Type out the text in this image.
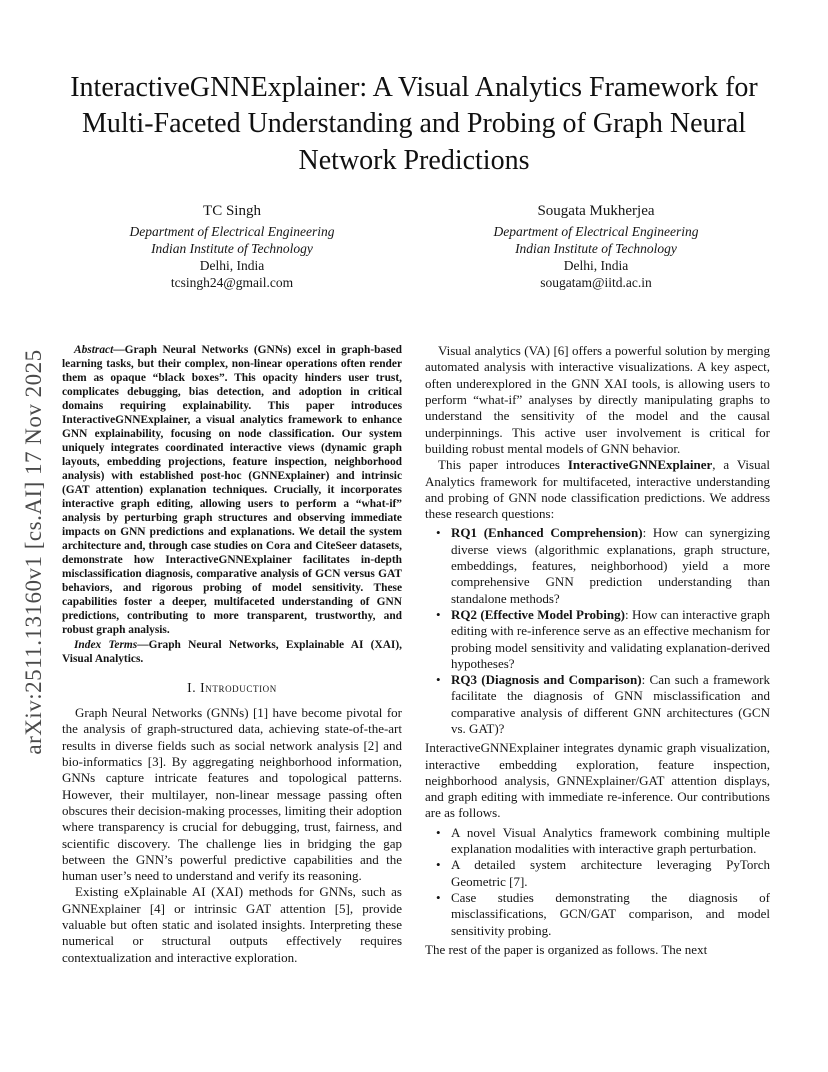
arXiv:2511.13160v1 [cs.AI] 17 Nov 2025
InteractiveGNNExplainer: A Visual Analytics Framework for Multi-Faceted Understanding and Probing of Graph Neural Network Predictions
TC Singh
Department of Electrical Engineering
Indian Institute of Technology
Delhi, India
tcsingh24@gmail.com
Sougata Mukherjea
Department of Electrical Engineering
Indian Institute of Technology
Delhi, India
sougatam@iitd.ac.in

Abstract—Graph Neural Networks (GNNs) excel in graph-based learning tasks, but their complex, non-linear operations often render them as opaque “black boxes”. This opacity hinders user trust, complicates debugging, bias detection, and adoption in critical domains requiring explainability. This paper introduces InteractiveGNNExplainer, a visual analytics framework to enhance GNN explainability, focusing on node classification. Our system uniquely integrates coordinated interactive views (dynamic graph layouts, embedding projections, feature inspection, neighborhood analysis) with established post-hoc (GNNExplainer) and intrinsic (GAT attention) explanation techniques. Crucially, it incorporates interactive graph editing, allowing users to perform a “what-if” analysis by perturbing graph structures and observing immediate impacts on GNN predictions and explanations. We detail the system architecture and, through case studies on Cora and CiteSeer datasets, demonstrate how InteractiveGNNExplainer facilitates in-depth misclassification diagnosis, comparative analysis of GCN versus GAT behaviors, and rigorous probing of model sensitivity. These capabilities foster a deeper, multifaceted understanding of GNN predictions, contributing to more transparent, trustworthy, and robust graph analysis.

Index Terms—Graph Neural Networks, Explainable AI (XAI), Visual Analytics.

I. Introduction

Graph Neural Networks (GNNs) [1] have become pivotal for the analysis of graph-structured data, achieving state-of-the-art results in diverse fields such as social network analysis [2] and bio-informatics [3]. By aggregating neighborhood information, GNNs capture intricate features and topological patterns. However, their multilayer, non-linear message passing often obscures their decision-making processes, limiting their adoption where transparency is crucial for debugging, trust, fairness, and scientific discovery. The challenge lies in bridging the gap between the GNN’s powerful predictive capabilities and the human user’s need to understand and verify its reasoning.

Existing eXplainable AI (XAI) methods for GNNs, such as GNNExplainer [4] or intrinsic GAT attention [5], provide valuable but often static and isolated insights. Interpreting these numerical or structural outputs effectively requires contextualization and interactive exploration.

Visual analytics (VA) [6] offers a powerful solution by merging automated analysis with interactive visualizations. A key aspect, often underexplored in the GNN XAI tools, is allowing users to perform “what-if” analyses by directly manipulating graphs to understand the sensitivity of the model and the causal underpinnings. This active user involvement is critical for building robust mental models of GNN behavior.

This paper introduces InteractiveGNNExplainer, a Visual Analytics framework for multifaceted, interactive understanding and probing of GNN node classification predictions. We address these research questions:

• RQ1 (Enhanced Comprehension): How can synergizing diverse views (algorithmic explanations, graph structure, embeddings, features, neighborhood) yield a more comprehensive GNN prediction understanding than standalone methods?
• RQ2 (Effective Model Probing): How can interactive graph editing with re-inference serve as an effective mechanism for probing model sensitivity and validating explanation-derived hypotheses?
• RQ3 (Diagnosis and Comparison): Can such a framework facilitate the diagnosis of GNN misclassification and comparative analysis of different GNN architectures (GCN vs. GAT)?

InteractiveGNNExplainer integrates dynamic graph visualization, interactive embedding exploration, feature inspection, neighborhood analysis, GNNExplainer/GAT attention displays, and graph editing with immediate re-inference. Our contributions are as follows.

• A novel Visual Analytics framework combining multiple explanation modalities with interactive graph perturbation.
• A detailed system architecture leveraging PyTorch Geometric [7].
• Case studies demonstrating the diagnosis of misclassifications, GCN/GAT comparison, and model sensitivity probing.

The rest of the paper is organized as follows. The next
